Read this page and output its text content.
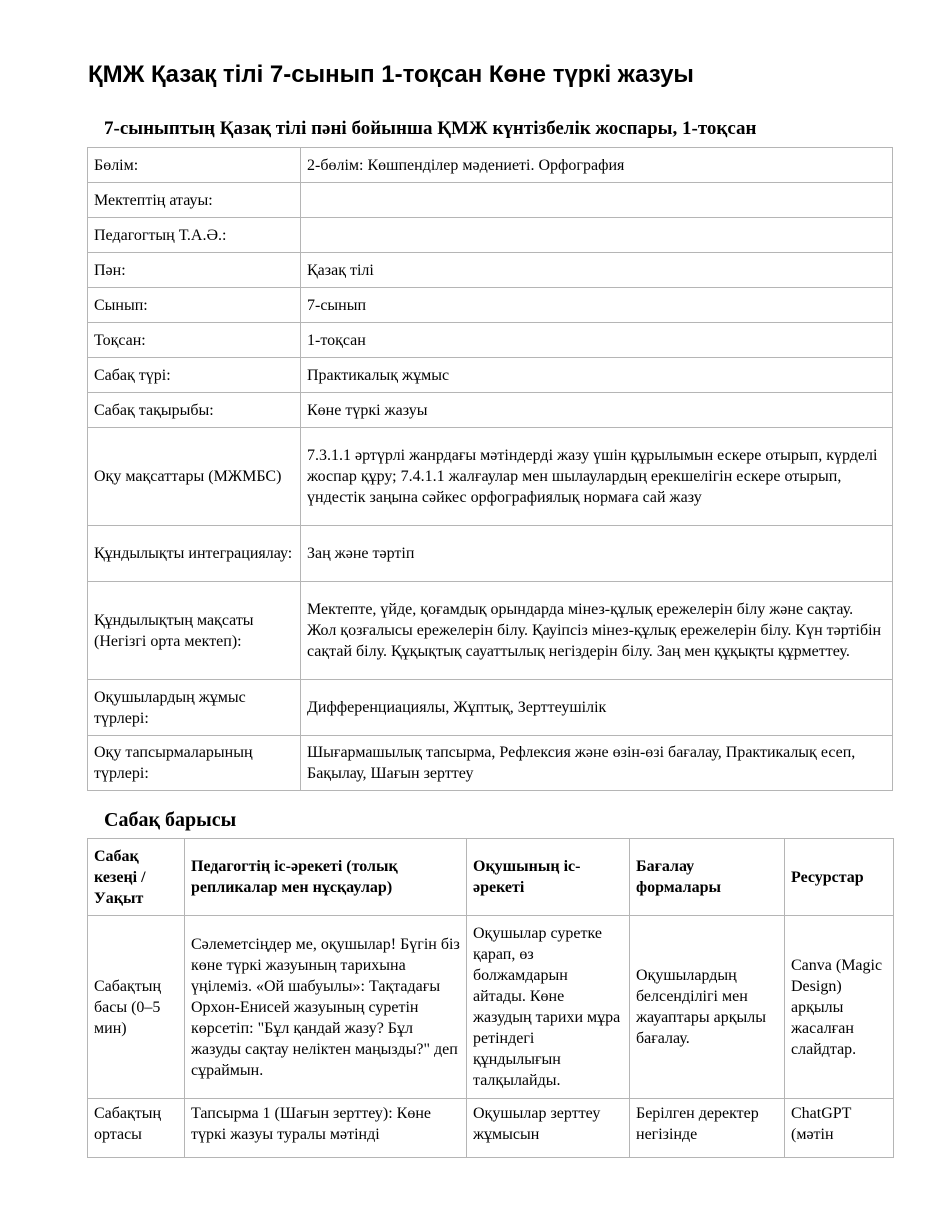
ҚМЖ Қазақ тілі 7-сынып 1-тоқсан Көне түркі жазуы
7-сыныптың Қазақ тілі пәні бойынша ҚМЖ күнтізбелік жоспары, 1-тоқсан
Бөлім:	2-бөлім: Көшпенділер мәдениеті. Орфография
Мектептің атауы:	
Педагогтың Т.А.Ә.:	
Пән:	Қазақ тілі
Сынып:	7-сынып
Тоқсан:	1-тоқсан
Сабақ түрі:	Практикалық жұмыс
Сабақ тақырыбы:	Көне түркі жазуы
Оқу мақсаттары (МЖМБС)	7.3.1.1 әртүрлі жанрдағы мәтіндерді жазу үшін құрылымын ескере отырып, күрделі жоспар құру; 7.4.1.1 жалғаулар мен шылаулардың ерекшелігін ескере отырып, үндестік заңына сәйкес орфографиялық нормаға сай жазу
Құндылықты интеграциялау:	Заң және тәртіп
Құндылықтың мақсаты (Негізгі орта мектеп):	Мектепте, үйде, қоғамдық орындарда мінез-құлық ережелерін білу және сақтау. Жол қозғалысы ережелерін білу. Қауіпсіз мінез-құлық ережелерін білу. Күн тәртібін сақтай білу. Құқықтық сауаттылық негіздерін білу. Заң мен құқықты құрметтеу.
Оқушылардың жұмыс түрлері:	Дифференциациялы, Жұптық, Зерттеушілік
Оқу тапсырмаларының түрлері:	Шығармашылық тапсырма, Рефлексия және өзін-өзі бағалау, Практикалық есеп, Бақылау, Шағын зерттеу
Сабақ барысы
Сабақ кезеңі / Уақыт	Педагогтің іс-әрекеті (толық репликалар мен нұсқаулар)	Оқушының іс-әрекеті	Бағалау формалары	Ресурстар
Сабақтың басы (0–5 мин)	Сәлеметсіңдер ме, оқушылар! Бүгін біз көне түркі жазуының тарихына үңілеміз. «Ой шабуылы»: Тақтадағы Орхон-Енисей жазуының суретін көрсетіп: "Бұл қандай жазу? Бұл жазуды сақтау неліктен маңызды?" деп сұраймын.	Оқушылар суретке қарап, өз болжамдарын айтады. Көне жазудың тарихи мұра ретіндегі құндылығын талқылайды.	Оқушылардың белсенділігі мен жауаптары арқылы бағалау.	Canva (Magic Design) арқылы жасалған слайдтар.

Сабақтың ортасы	Тапсырма 1 (Шағын зерттеу): Көне түркі жазуы туралы мәтінді	Оқушылар зерттеу жұмысын	Берілген деректер негізінде	ChatGPT (мәтін
